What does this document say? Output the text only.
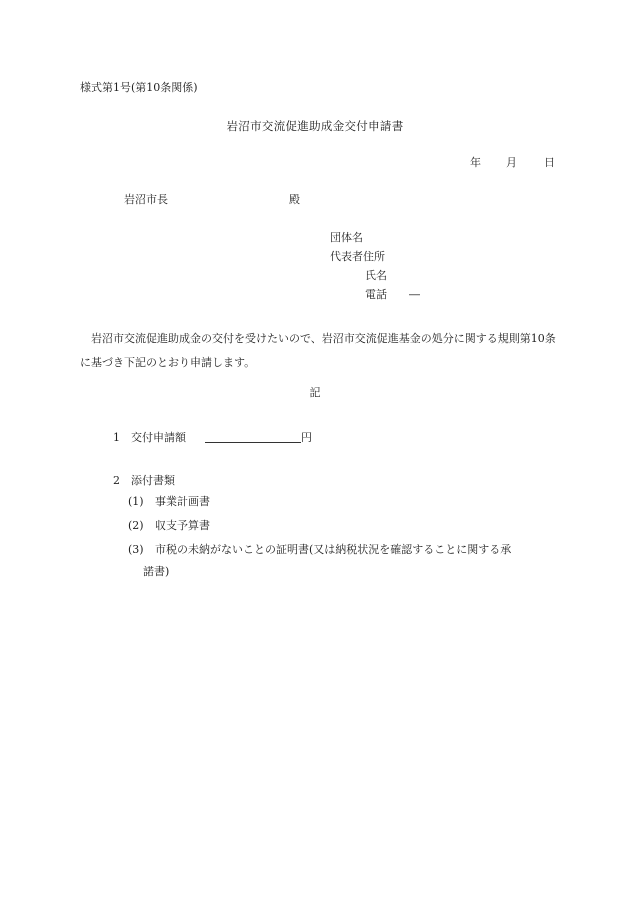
様式第1号(第10条関係)
岩沼市交流促進助成金交付申請書
年 月 日
岩沼市長	殿
団体名
代表者住所
氏名
電話 ―
岩沼市交流促進助成金の交付を受けたいので、岩沼市交流促進基金の処分に関する規則第10条に基づき下記のとおり申請します。
記
1 交付申請額	円
2 添付書類
(1) 事業計画書
(2) 収支予算書
(3) 市税の未納がないことの証明書(又は納税状況を確認することに関する承
諾書)
